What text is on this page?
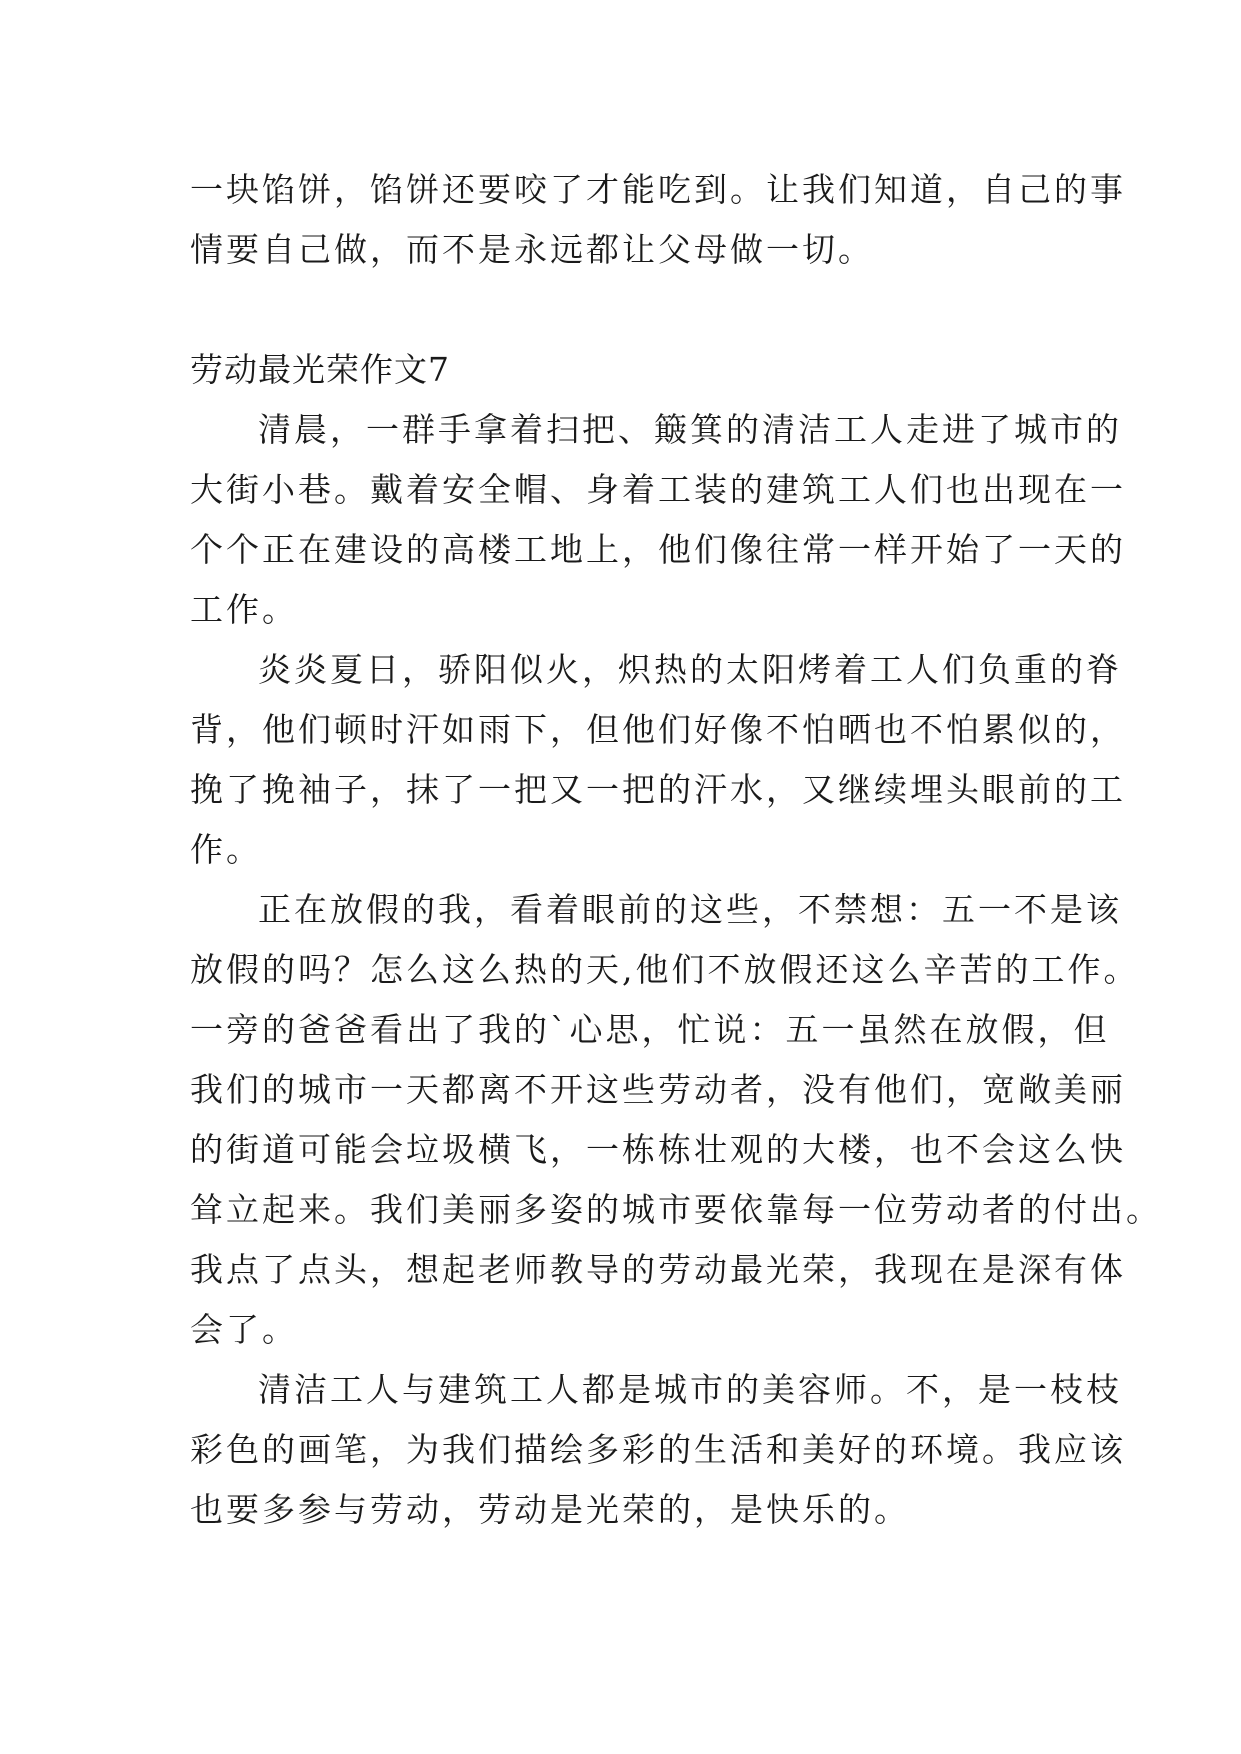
一块馅饼，馅饼还要咬了才能吃到。让我们知道，自己的事
情要自己做，而不是永远都让父母做一切。
劳动最光荣作文7
清晨，一群手拿着扫把、簸箕的清洁工人走进了城市的
大街小巷。戴着安全帽、身着工装的建筑工人们也出现在一
个个正在建设的高楼工地上，他们像往常一样开始了一天的
工作。
炎炎夏日，骄阳似火，炽热的太阳烤着工人们负重的脊
背，他们顿时汗如雨下，但他们好像不怕晒也不怕累似的，
挽了挽袖子，抹了一把又一把的汗水，又继续埋头眼前的工
作。
正在放假的我，看着眼前的这些，不禁想：五一不是该
放假的吗？怎么这么热的天,他们不放假还这么辛苦的工作。
一旁的爸爸看出了我的`心思，忙说：五一虽然在放假，但
我们的城市一天都离不开这些劳动者，没有他们，宽敞美丽
的街道可能会垃圾横飞，一栋栋壮观的大楼，也不会这么快
耸立起来。我们美丽多姿的城市要依靠每一位劳动者的付出。
我点了点头，想起老师教导的劳动最光荣，我现在是深有体
会了。
清洁工人与建筑工人都是城市的美容师。不，是一枝枝
彩色的画笔，为我们描绘多彩的生活和美好的环境。我应该
也要多参与劳动，劳动是光荣的，是快乐的。
